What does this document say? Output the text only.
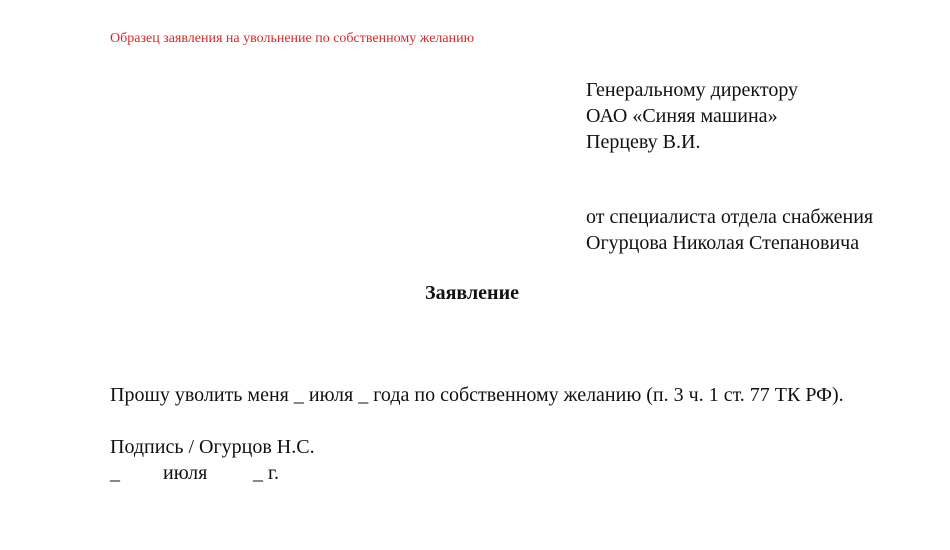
Образец заявления на увольнение по собственному желанию
Генеральному директору
ОАО «Синяя машина»
Перцеву В.И.
от специалиста отдела снабжения
Огурцова Николая Степановича
Заявление
Прошу уволить меня _ июля _ года по собственному желанию (п. 3 ч. 1 ст. 77 ТК РФ).
Подпись / Огурцов Н.С.
_ июля _ г.
